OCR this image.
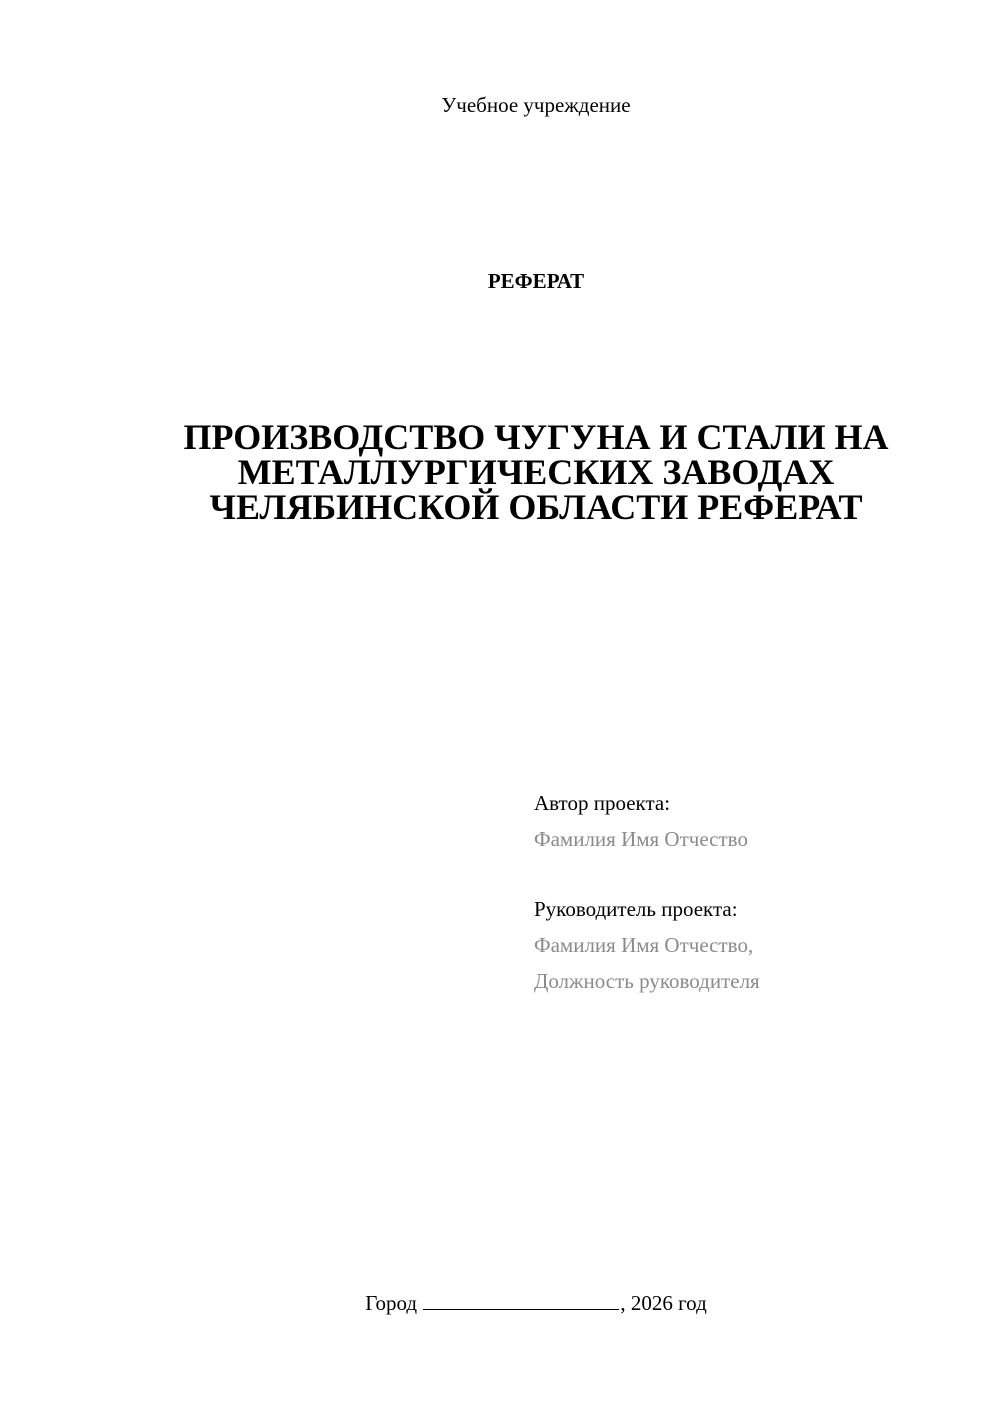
Учебное учреждение
РЕФЕРАТ
ПРОИЗВОДСТВО ЧУГУНА И СТАЛИ НА
МЕТАЛЛУРГИЧЕСКИХ ЗАВОДАХ
ЧЕЛЯБИНСКОЙ ОБЛАСТИ РЕФЕРАТ
Автор проекта:
Фамилия Имя Отчество
Руководитель проекта:
Фамилия Имя Отчество,
Должность руководителя
Город	, 2026 год
